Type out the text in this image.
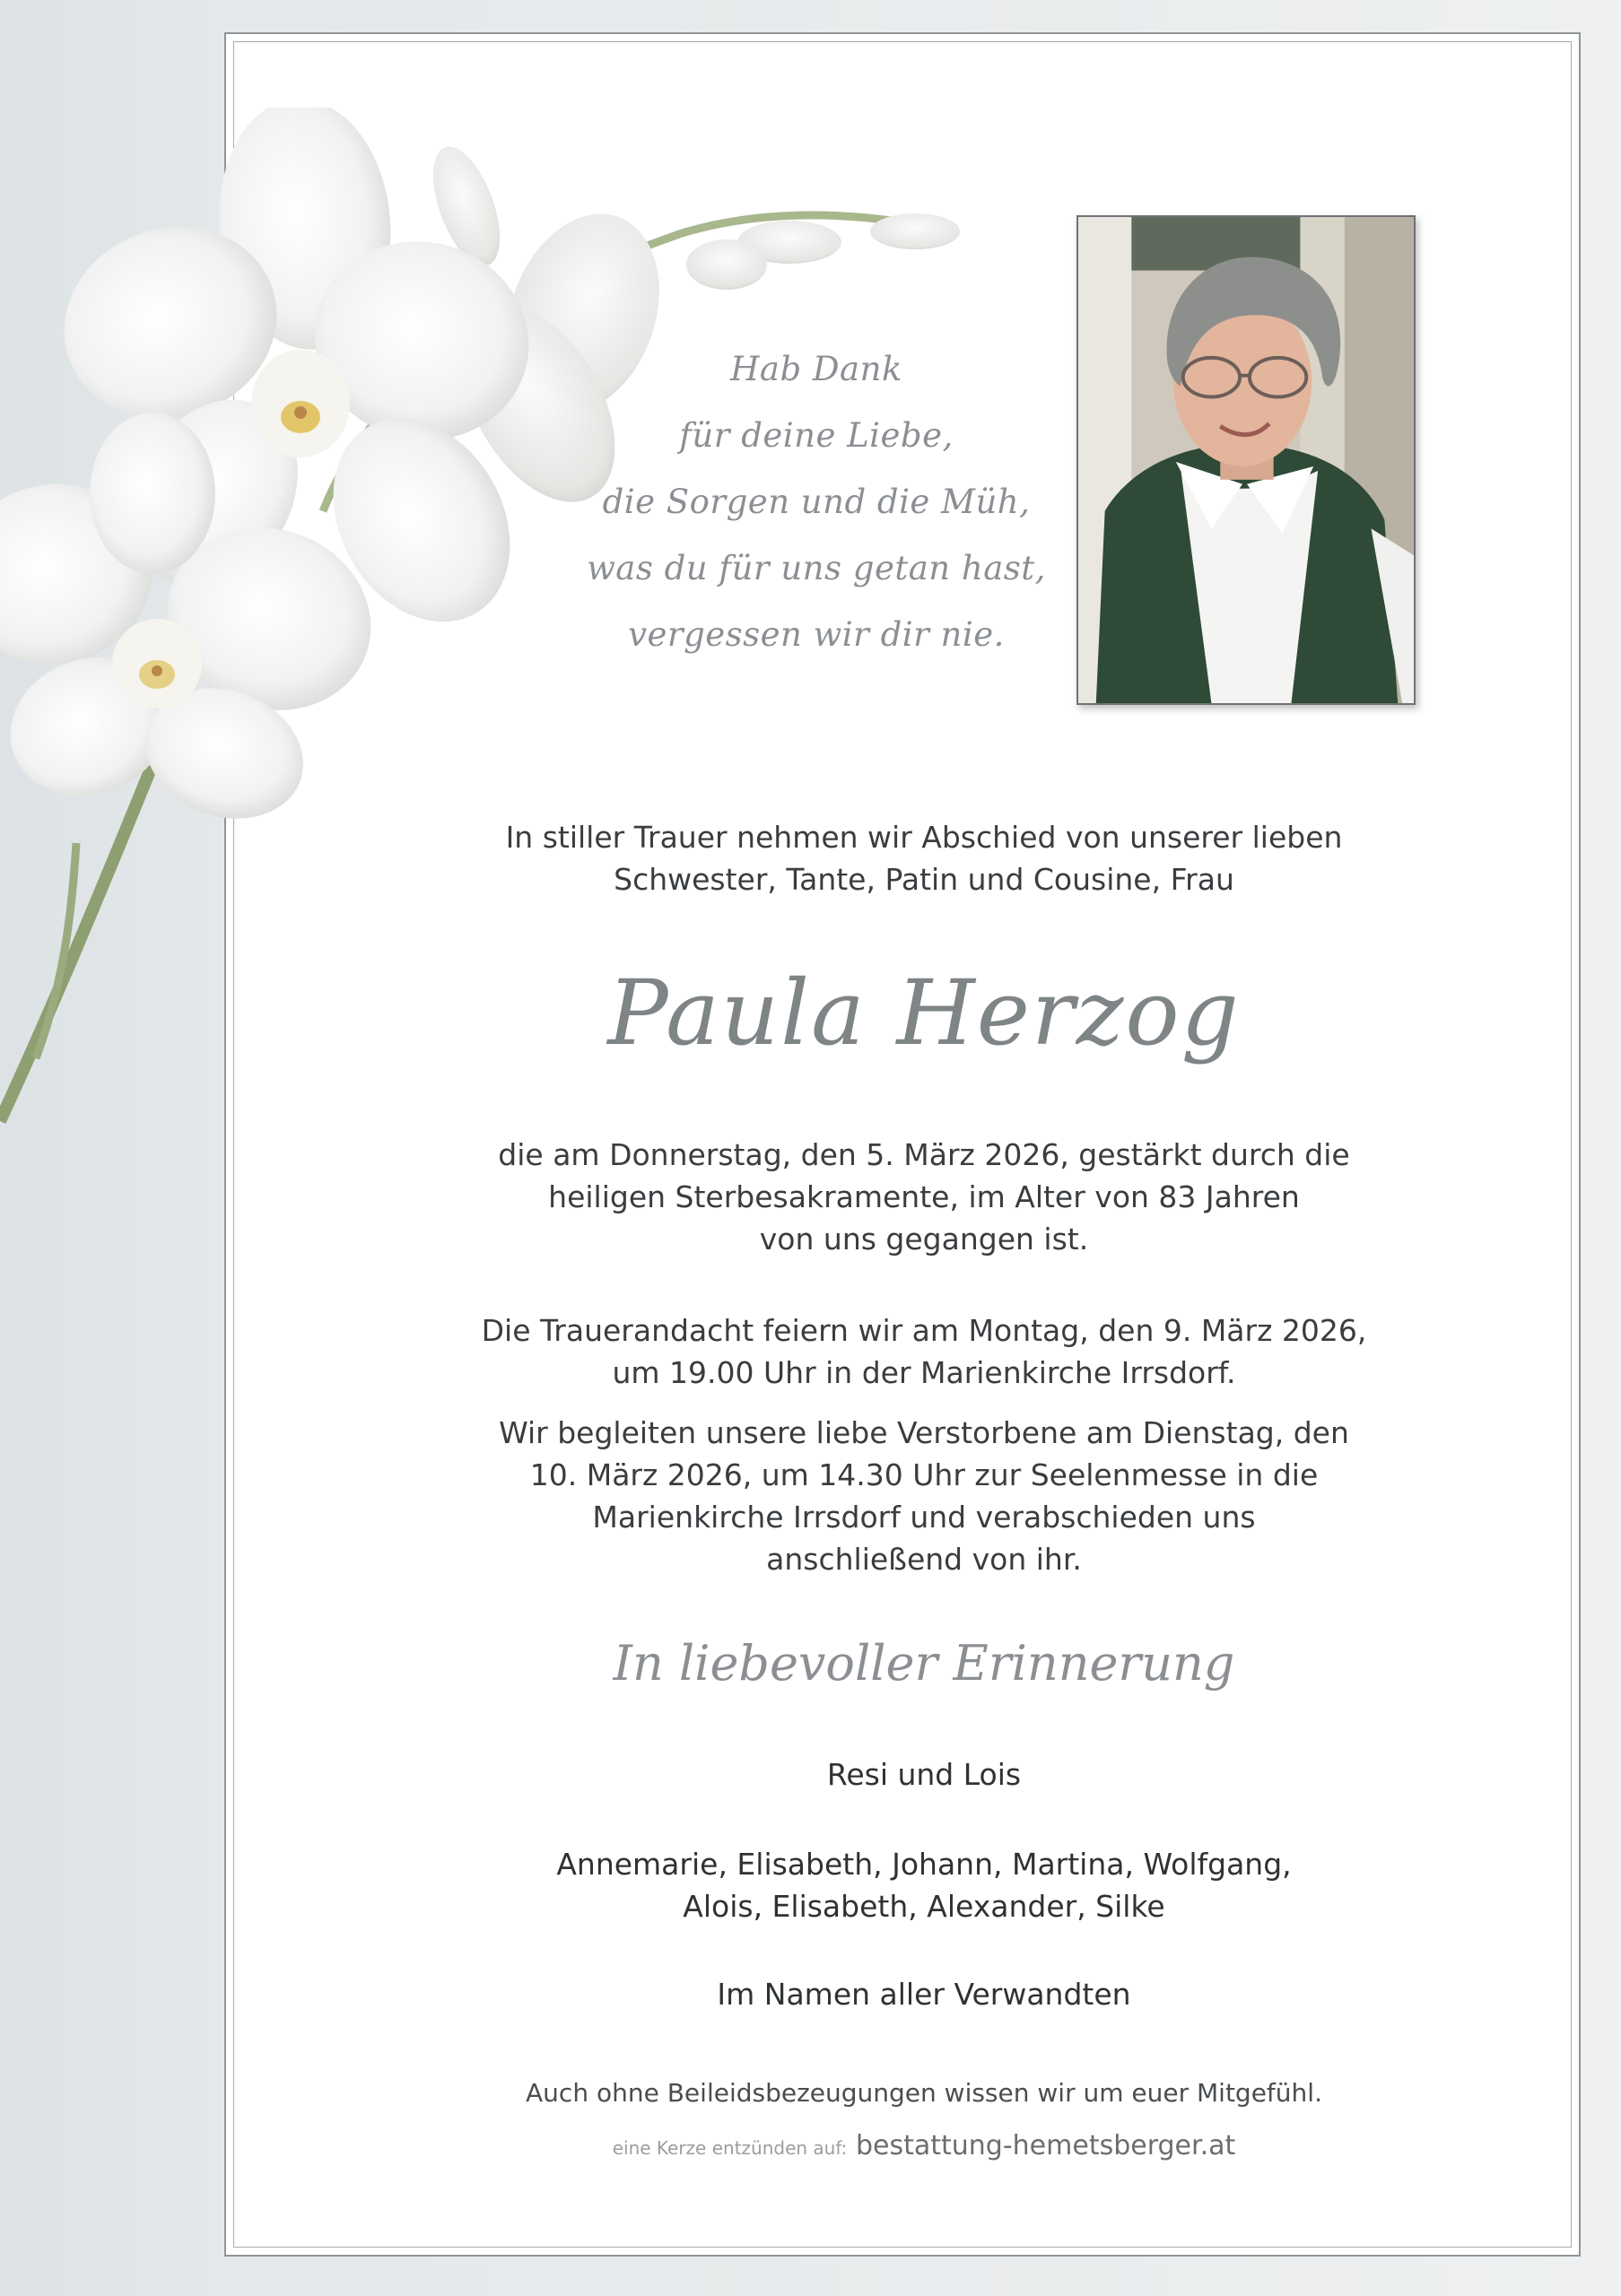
Hab Dank
für deine Liebe,
die Sorgen und die Müh,
was du für uns getan hast,
vergessen wir dir nie.
In stiller Trauer nehmen wir Abschied von unserer lieben
Schwester, Tante, Patin und Cousine, Frau
Paula Herzog
die am Donnerstag, den 5. März 2026, gestärkt durch die
heiligen Sterbesakramente, im Alter von 83 Jahren
von uns gegangen ist.
Die Trauerandacht feiern wir am Montag, den 9. März 2026,
um 19.00 Uhr in der Marienkirche Irrsdorf.
Wir begleiten unsere liebe Verstorbene am Dienstag, den
10. März 2026, um 14.30 Uhr zur Seelenmesse in die
Marienkirche Irrsdorf und verabschieden uns
anschließend von ihr.
In liebevoller Erinnerung
Resi und Lois
Annemarie, Elisabeth, Johann, Martina, Wolfgang,
Alois, Elisabeth, Alexander, Silke
Im Namen aller Verwandten
Auch ohne Beileidsbezeugungen wissen wir um euer Mitgefühl.
eine Kerze entzünden auf: bestattung-hemetsberger.at
